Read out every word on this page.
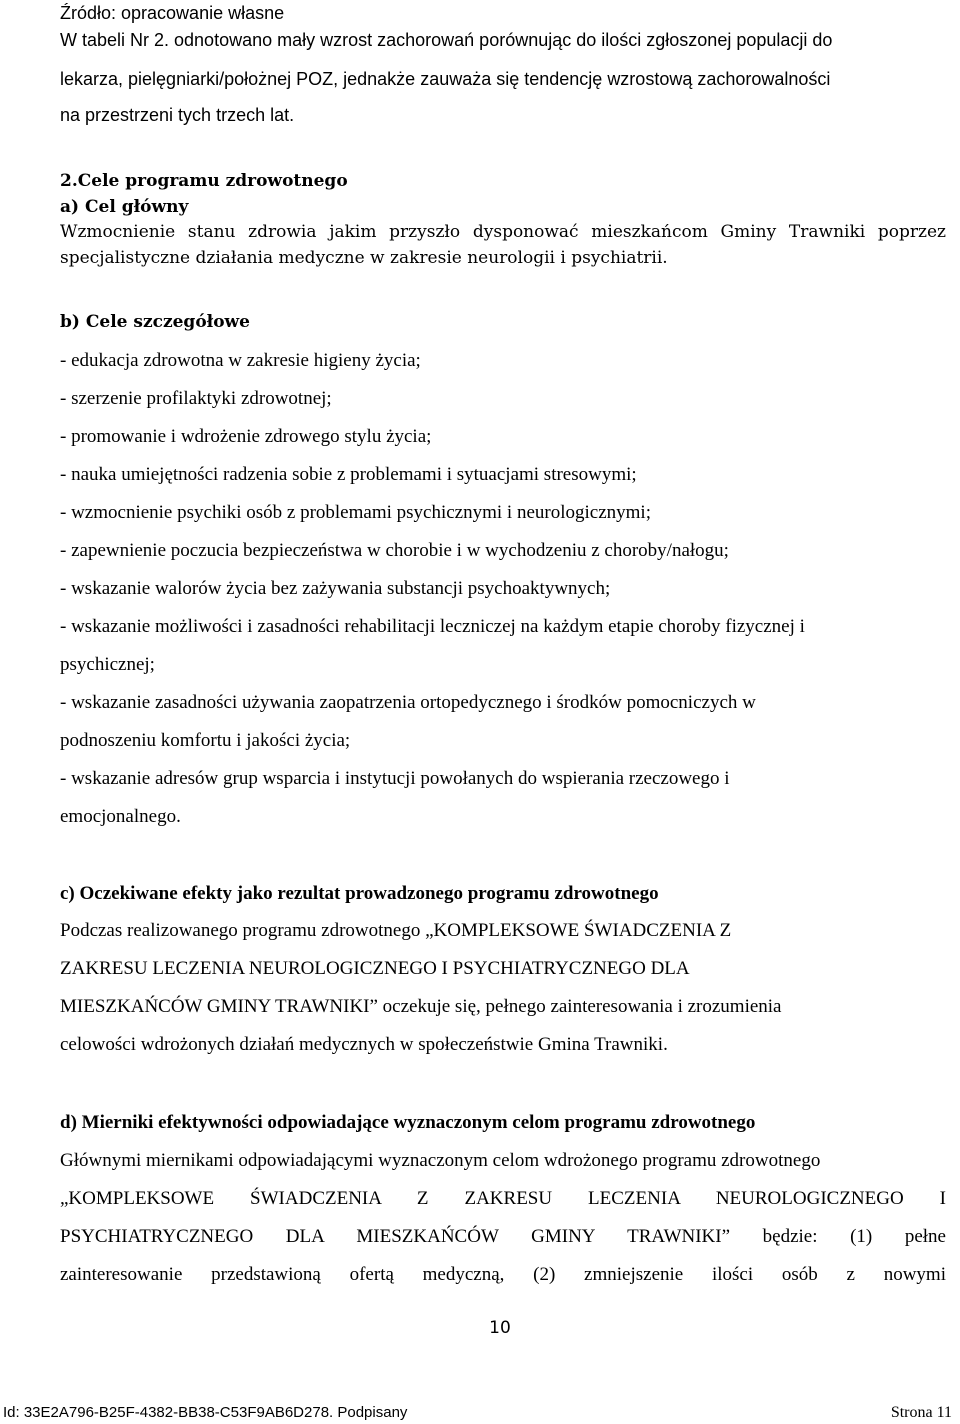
Źródło: opracowanie własne
W tabeli Nr 2. odnotowano mały wzrost zachorowań porównując do ilości zgłoszonej populacji do
lekarza, pielęgniarki/położnej POZ, jednakże zauważa się tendencję wzrostową zachorowalności
na przestrzeni tych trzech lat.
2.Cele programu zdrowotnego
a) Cel główny
Wzmocnienie stanu zdrowia jakim przyszło dysponować mieszkańcom Gminy Trawniki poprzez
specjalistyczne działania medyczne w zakresie neurologii i psychiatrii.
b) Cele szczegółowe
- edukacja zdrowotna w zakresie higieny życia;
- szerzenie profilaktyki zdrowotnej;
- promowanie i wdrożenie zdrowego stylu życia;
- nauka umiejętności radzenia sobie z problemami i sytuacjami stresowymi;
- wzmocnienie psychiki osób z problemami psychicznymi i neurologicznymi;
- zapewnienie poczucia bezpieczeństwa w chorobie i w wychodzeniu z choroby/nałogu;
- wskazanie walorów życia bez zażywania substancji psychoaktywnych;
- wskazanie możliwości i zasadności rehabilitacji leczniczej na każdym etapie choroby fizycznej i
psychicznej;
- wskazanie zasadności używania zaopatrzenia ortopedycznego i środków pomocniczych w
podnoszeniu komfortu i jakości życia;
- wskazanie adresów grup wsparcia i instytucji powołanych do wspierania rzeczowego i
emocjonalnego.
c) Oczekiwane efekty jako rezultat prowadzonego programu zdrowotnego
Podczas realizowanego programu zdrowotnego „KOMPLEKSOWE ŚWIADCZENIA Z
ZAKRESU LECZENIA NEUROLOGICZNEGO I PSYCHIATRYCZNEGO DLA
MIESZKAŃCÓW GMINY TRAWNIKI” oczekuje się, pełnego zainteresowania i zrozumienia
celowości wdrożonych działań medycznych w społeczeństwie Gmina Trawniki.
d) Mierniki efektywności odpowiadające wyznaczonym celom programu zdrowotnego
Głównymi miernikami odpowiadającymi wyznaczonym celom wdrożonego programu zdrowotnego
„KOMPLEKSOWE ŚWIADCZENIA Z ZAKRESU LECZENIA NEUROLOGICZNEGO I
PSYCHIATRYCZNEGO DLA MIESZKAŃCÓW GMINY TRAWNIKI” będzie: (1) pełne
zainteresowanie przedstawioną ofertą medyczną, (2) zmniejszenie ilości osób z nowymi
10
Id: 33E2A796-B25F-4382-BB38-C53F9AB6D278. Podpisany	Strona 11
